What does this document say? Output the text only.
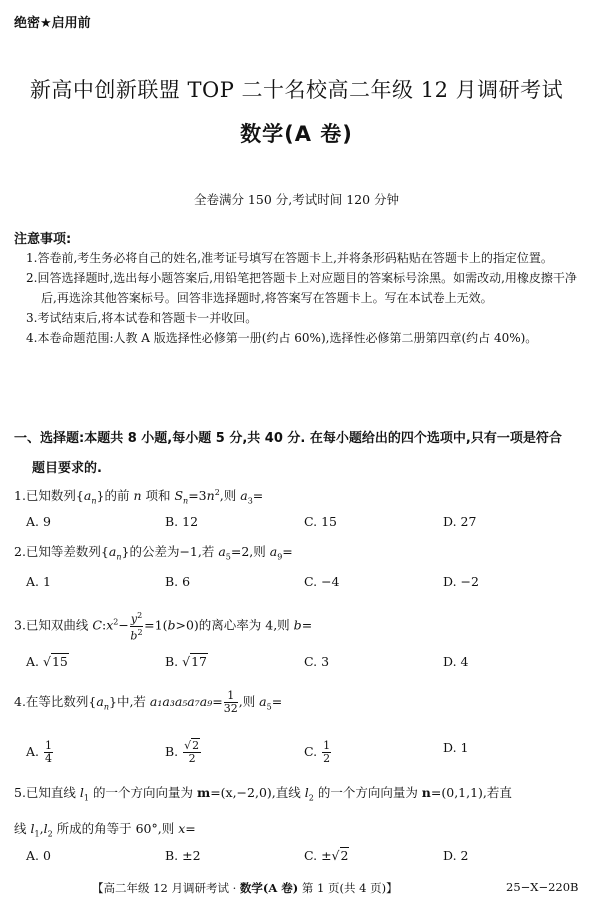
绝密★启用前
新高中创新联盟 TOP 二十名校高二年级 12 月调研考试
数学(A 卷)
全卷满分 150 分,考试时间 120 分钟
注意事项:
1.答卷前,考生务必将自己的姓名,准考证号填写在答题卡上,并将条形码粘贴在答题卡上的指定位置。
2.回答选择题时,选出每小题答案后,用铅笔把答题卡上对应题目的答案标号涂黑。如需改动,用橡皮擦干净后,再选涂其他答案标号。回答非选择题时,将答案写在答题卡上。写在本试卷上无效。
3.考试结束后,将本试卷和答题卡一并收回。
4.本卷命题范围:人教 A 版选择性必修第一册(约占 60%),选择性必修第二册第四章(约占 40%)。
一、选择题:本题共 8 小题,每小题 5 分,共 40 分. 在每小题给出的四个选项中,只有一项是符合
题目要求的.
1.已知数列$\{a_n\}$的前 n 项和 $S_n=3n^2$,则 $a_3=$
A. 9	B. 12	C. 15	D. 27
2.已知等差数列$\{a_n\}$的公差为−1,若 $a_5=2$,则 $a_9=$
A. 1	B. 6	C. −4	D. −2
3.已知双曲线 $C:x^2- \frac{y^2}{b^2} =1(b>0)$的离心率为 4,则 b=
A. √15	B. √17	C. 3	D. 4
4.在等比数列$\{a_n\}$中,若 $a_1a_3a_5a_7a_9= \frac{1}{32}$ ,则 $a_5=$
A. $\frac{1}{4}$	B. $\frac{√2}{2}$	C. $\frac{1}{2}$	D. 1
5.已知直线 $l_1$ 的一个方向向量为 m=(x,−2,0),直线 $l_2$ 的一个方向向量为 n=(0,1,1),若直
线 $l_1,l_2$ 所成的角等于 60°,则 x=
A. 0	B. ±2	C. ±√2	D. 2
【高二年级 12 月调研考试 · 数学(A 卷) 第 1 页(共 4 页)】	25−X−220B
